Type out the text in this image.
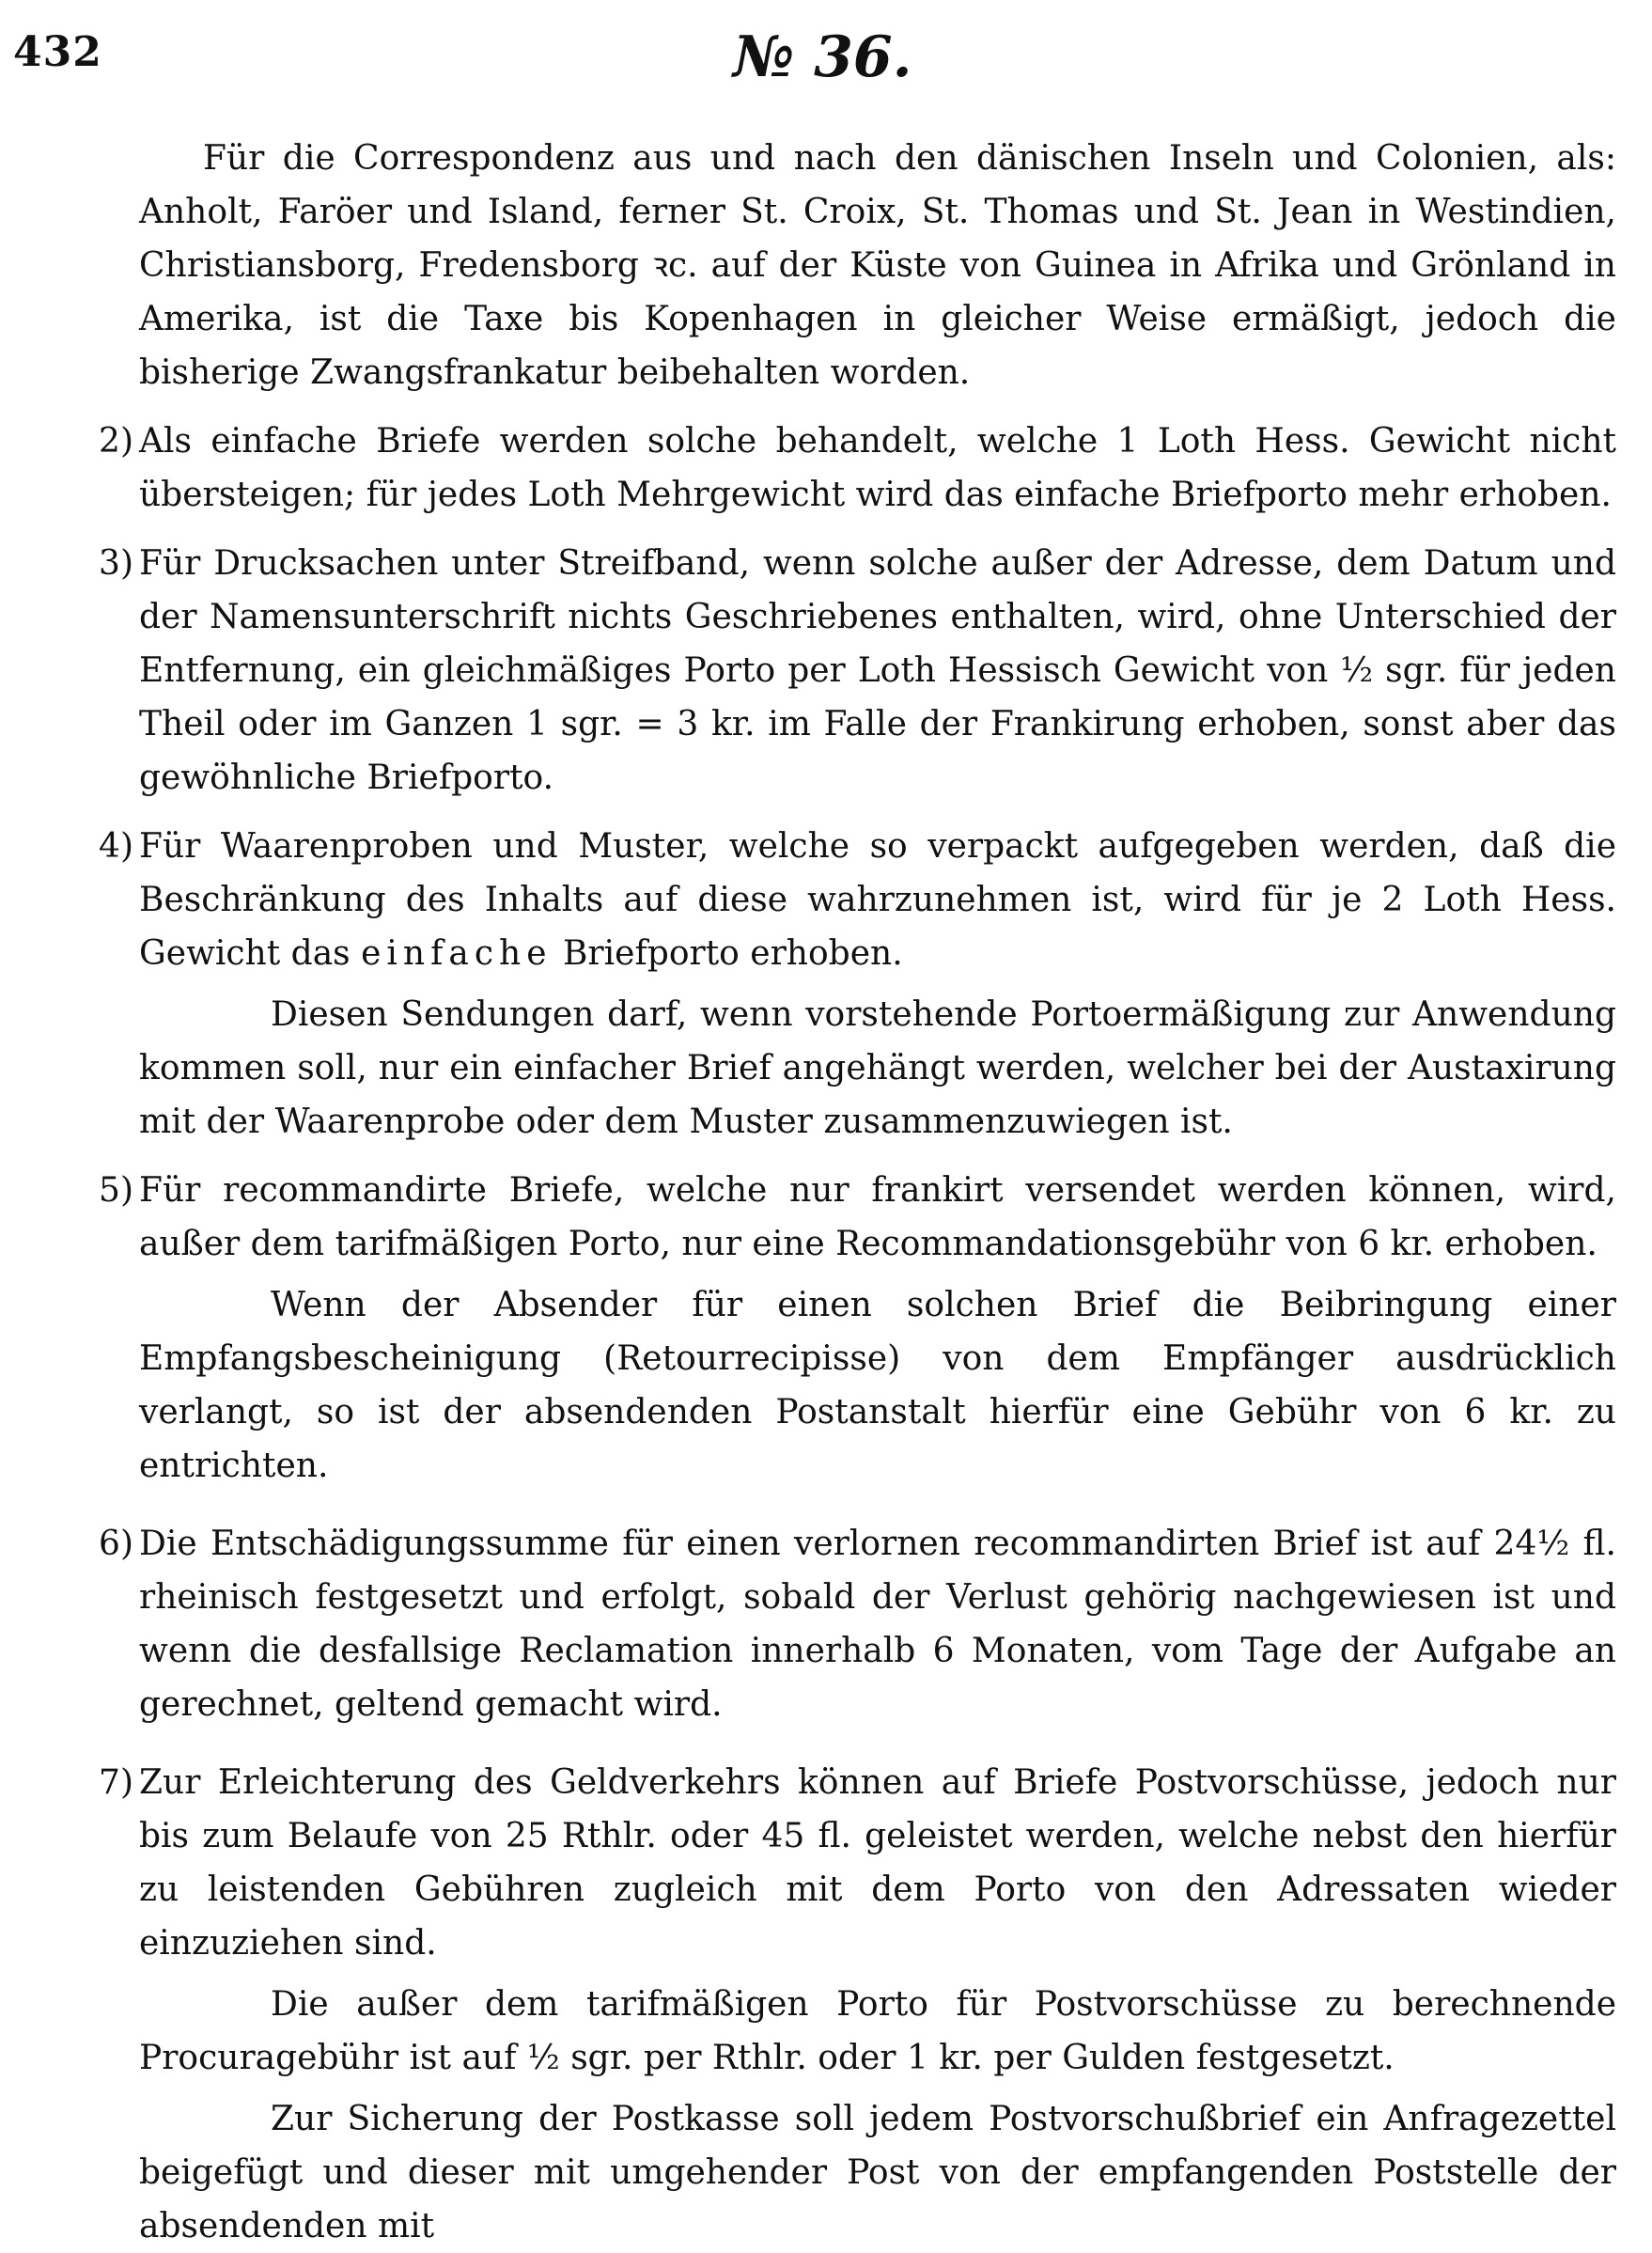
432	№ 36.

Für die Correspondenz aus und nach den dänischen Inseln und Colonien, als: Anholt, Faröer und Island, ferner St. Croix, St. Thomas und St. Jean in Westindien, Christiansborg, Fredensborg ꝛc. auf der Küste von Guinea in Afrika und Grönland in Amerika, ist die Taxe bis Kopenhagen in gleicher Weise ermäßigt, jedoch die bisherige Zwangsfrankatur beibehalten worden.

2) Als einfache Briefe werden solche behandelt, welche 1 Loth Hess. Gewicht nicht übersteigen; für jedes Loth Mehrgewicht wird das einfache Briefporto mehr erhoben.
3) Für Drucksachen unter Streifband, wenn solche außer der Adresse, dem Datum und der Namensunterschrift nichts Geschriebenes enthalten, wird, ohne Unterschied der Entfernung, ein gleichmäßiges Porto per Loth Hessisch Gewicht von ½ sgr. für jeden Theil oder im Ganzen 1 sgr. = 3 kr. im Falle der Frankirung erhoben, sonst aber das gewöhnliche Briefporto.
4) Für Waarenproben und Muster, welche so verpackt aufgegeben werden, daß die Beschränkung des Inhalts auf diese wahrzunehmen ist, wird für je 2 Loth Hess. Gewicht das einfache Briefporto erhoben.

Diesen Sendungen darf, wenn vorstehende Portoermäßigung zur Anwendung kommen soll, nur ein einfacher Brief angehängt werden, welcher bei der Austaxirung mit der Waarenprobe oder dem Muster zusammenzuwiegen ist.

5) Für recommandirte Briefe, welche nur frankirt versendet werden können, wird, außer dem tarifmäßigen Porto, nur eine Recommandationsgebühr von 6 kr. erhoben.

Wenn der Absender für einen solchen Brief die Beibringung einer Empfangsbescheinigung (Retourrecipisse) von dem Empfänger ausdrücklich verlangt, so ist der absendenden Postanstalt hierfür eine Gebühr von 6 kr. zu entrichten.

6) Die Entschädigungssumme für einen verlornen recommandirten Brief ist auf 24½ fl. rheinisch festgesetzt und erfolgt, sobald der Verlust gehörig nachgewiesen ist und wenn die desfallsige Reclamation innerhalb 6 Monaten, vom Tage der Aufgabe an gerechnet, geltend gemacht wird.
7) Zur Erleichterung des Geldverkehrs können auf Briefe Postvorschüsse, jedoch nur bis zum Belaufe von 25 Rthlr. oder 45 fl. geleistet werden, welche nebst den hierfür zu leistenden Gebühren zugleich mit dem Porto von den Adressaten wieder einzuziehen sind.

Die außer dem tarifmäßigen Porto für Postvorschüsse zu berechnende Procuragebühr ist auf ½ sgr. per Rthlr. oder 1 kr. per Gulden festgesetzt.

Zur Sicherung der Postkasse soll jedem Postvorschußbrief ein Anfragezettel beigefügt und dieser mit umgehender Post von der empfangenden Poststelle der absendenden mit
